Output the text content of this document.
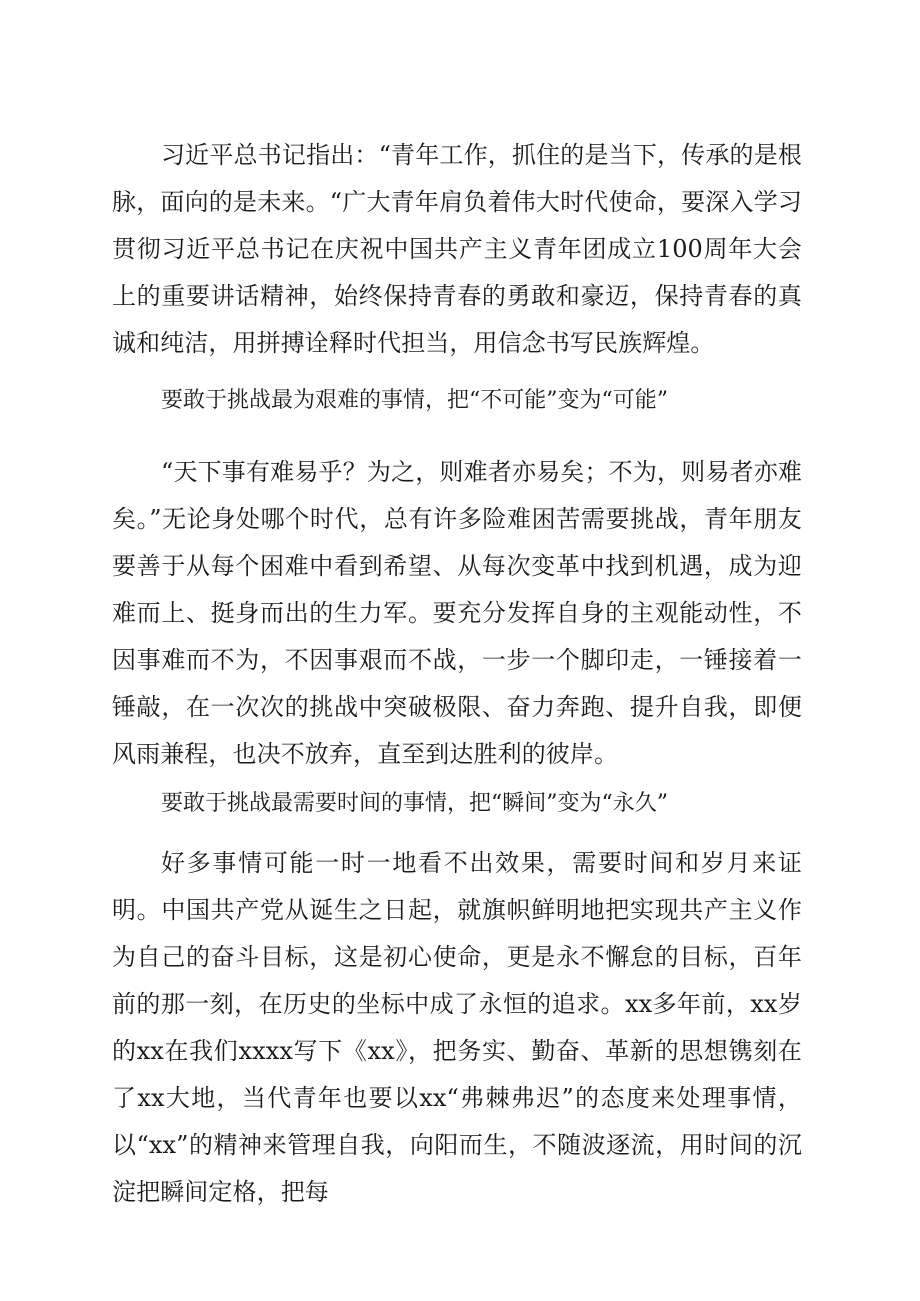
习近平总书记指出：“青年工作，抓住的是当下，传承的是根脉，面向的是未来。“广大青年肩负着伟大时代使命，要深入学习贯彻习近平总书记在庆祝中国共产主义青年团成立100周年大会上的重要讲话精神，始终保持青春的勇敢和豪迈，保持青春的真诚和纯洁，用拼搏诠释时代担当，用信念书写民族辉煌。

要敢于挑战最为艰难的事情，把“不可能”变为“可能”

“天下事有难易乎？为之，则难者亦易矣；不为，则易者亦难矣。”无论身处哪个时代，总有许多险难困苦需要挑战，青年朋友要善于从每个困难中看到希望、从每次变革中找到机遇，成为迎难而上、挺身而出的生力军。要充分发挥自身的主观能动性，不因事难而不为，不因事艰而不战，一步一个脚印走，一锤接着一锤敲，在一次次的挑战中突破极限、奋力奔跑、提升自我，即便风雨兼程，也决不放弃，直至到达胜利的彼岸。

要敢于挑战最需要时间的事情，把“瞬间”变为“永久”

好多事情可能一时一地看不出效果，需要时间和岁月来证明。中国共产党从诞生之日起，就旗帜鲜明地把实现共产主义作为自己的奋斗目标，这是初心使命，更是永不懈怠的目标，百年前的那一刻，在历史的坐标中成了永恒的追求。xx多年前，xx岁的xx在我们xxxx写下《xx》，把务实、勤奋、革新的思想镌刻在了xx大地，当代青年也要以xx“弗棘弗迟”的态度来处理事情，以“xx”的精神来管理自我，向阳而生，不随波逐流，用时间的沉淀把瞬间定格，把每
